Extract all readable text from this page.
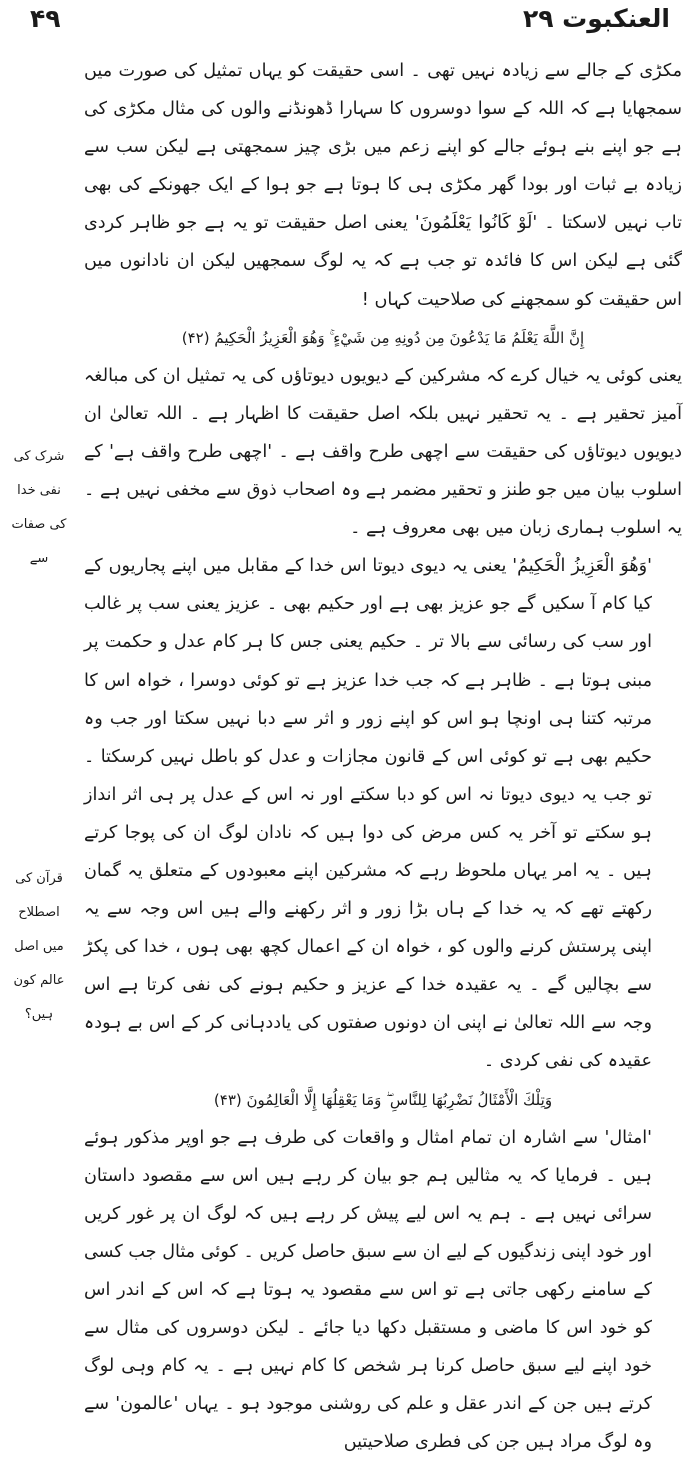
۴۹	العنکبوت ۲۹

مکڑی کے جالے سے زیادہ نہیں تھی ۔ اسی حقیقت کو یہاں تمثیل کی صورت میں سمجھایا ہے کہ اللہ کے سوا دوسروں کا سہارا ڈھونڈنے والوں کی مثال مکڑی کی ہے جو اپنے بنے ہوئے جالے کو اپنے زعم میں بڑی چیز سمجھتی ہے لیکن سب سے زیادہ بے ثبات اور بودا گھر مکڑی ہی کا ہوتا ہے جو ہوا کے ایک جھونکے کی بھی تاب نہیں لاسکتا ۔ 'لَوْ كَانُوا يَعْلَمُونَ' یعنی اصل حقیقت تو یہ ہے جو ظاہر کردی گئی ہے لیکن اس کا فائدہ تو جب ہے کہ یہ لوگ سمجھیں لیکن ان نادانوں میں اس حقیقت کو سمجھنے کی صلاحیت کہاں !

إِنَّ اللَّهَ يَعْلَمُ مَا يَدْعُونَ مِن دُونِهِ مِن شَيْءٍ ۚ وَهُوَ الْعَزِيزُ الْحَكِيمُ (۴۲)

یعنی کوئی یہ خیال کرے کہ مشرکین کے دیویوں دیوتاؤں کی یہ تمثیل ان کی مبالغہ آمیز تحقیر ہے ۔ یہ تحقیر نہیں بلکہ اصل حقیقت کا اظہار ہے ۔ اللہ تعالیٰ ان دیویوں دیوتاؤں کی حقیقت سے اچھی طرح واقف ہے ۔ 'اچھی طرح واقف ہے' کے اسلوب بیان میں جو طنز و تحقیر مضمر ہے وہ اصحاب ذوق سے مخفی نہیں ہے ۔ یہ اسلوب ہماری زبان میں بھی معروف ہے ۔

'وَهُوَ الْعَزِيزُ الْحَكِيمُ' یعنی یہ دیوی دیوتا اس خدا کے مقابل میں اپنے پجاریوں کے کیا کام آ سکیں گے جو عزیز بھی ہے اور حکیم بھی ۔ عزیز یعنی سب پر غالب اور سب کی رسائی سے بالا تر ۔ حکیم یعنی جس کا ہر کام عدل و حکمت پر مبنی ہوتا ہے ۔ ظاہر ہے کہ جب خدا عزیز ہے تو کوئی دوسرا ، خواہ اس کا مرتبہ کتنا ہی اونچا ہو اس کو اپنے زور و اثر سے دبا نہیں سکتا اور جب وہ حکیم بھی ہے تو کوئی اس کے قانون مجازات و عدل کو باطل نہیں کرسکتا ۔ تو جب یہ دیوی دیوتا نہ اس کو دبا سکتے اور نہ اس کے عدل پر ہی اثر انداز ہو سکتے تو آخر یہ کس مرض کی دوا ہیں کہ نادان لوگ ان کی پوجا کرتے ہیں ۔ یہ امر یہاں ملحوظ رہے کہ مشرکین اپنے معبودوں کے متعلق یہ گمان رکھتے تھے کہ یہ خدا کے ہاں بڑا زور و اثر رکھنے والے ہیں اس وجہ سے یہ اپنی پرستش کرنے والوں کو ، خواہ ان کے اعمال کچھ بھی ہوں ، خدا کی پکڑ سے بچالیں گے ۔ یہ عقیدہ خدا کے عزیز و حکیم ہونے کی نفی کرتا ہے اس وجہ سے اللہ تعالیٰ نے اپنی ان دونوں صفتوں کی یاددہانی کر کے اس بے ہودہ عقیدہ کی نفی کردی ۔

وَتِلْكَ الْأَمْثَالُ نَضْرِبُهَا لِلنَّاسِ ۖ وَمَا يَعْقِلُهَا إِلَّا الْعَالِمُونَ (۴۳)

'امثال' سے اشارہ ان تمام امثال و واقعات کی طرف ہے جو اوپر مذکور ہوئے ہیں ۔ فرمایا کہ یہ مثالیں ہم جو بیان کر رہے ہیں اس سے مقصود داستان سرائی نہیں ہے ۔ ہم یہ اس لیے پیش کر رہے ہیں کہ لوگ ان پر غور کریں اور خود اپنی زندگیوں کے لیے ان سے سبق حاصل کریں ۔ کوئی مثال جب کسی کے سامنے رکھی جاتی ہے تو اس سے مقصود یہ ہوتا ہے کہ اس کے اندر اس کو خود اس کا ماضی و مستقبل دکھا دیا جائے ۔ لیکن دوسروں کی مثال سے خود اپنے لیے سبق حاصل کرنا ہر شخص کا کام نہیں ہے ۔ یہ کام وہی لوگ کرتے ہیں جن کے اندر عقل و علم کی روشنی موجود ہو ۔ یہاں 'عالمون' سے وہ لوگ مراد ہیں جن کی فطری صلاحیتیں

شرک کی نفی خدا کی صفات سے
قرآن کی اصطلاح میں اصل عالم کون ہیں؟
